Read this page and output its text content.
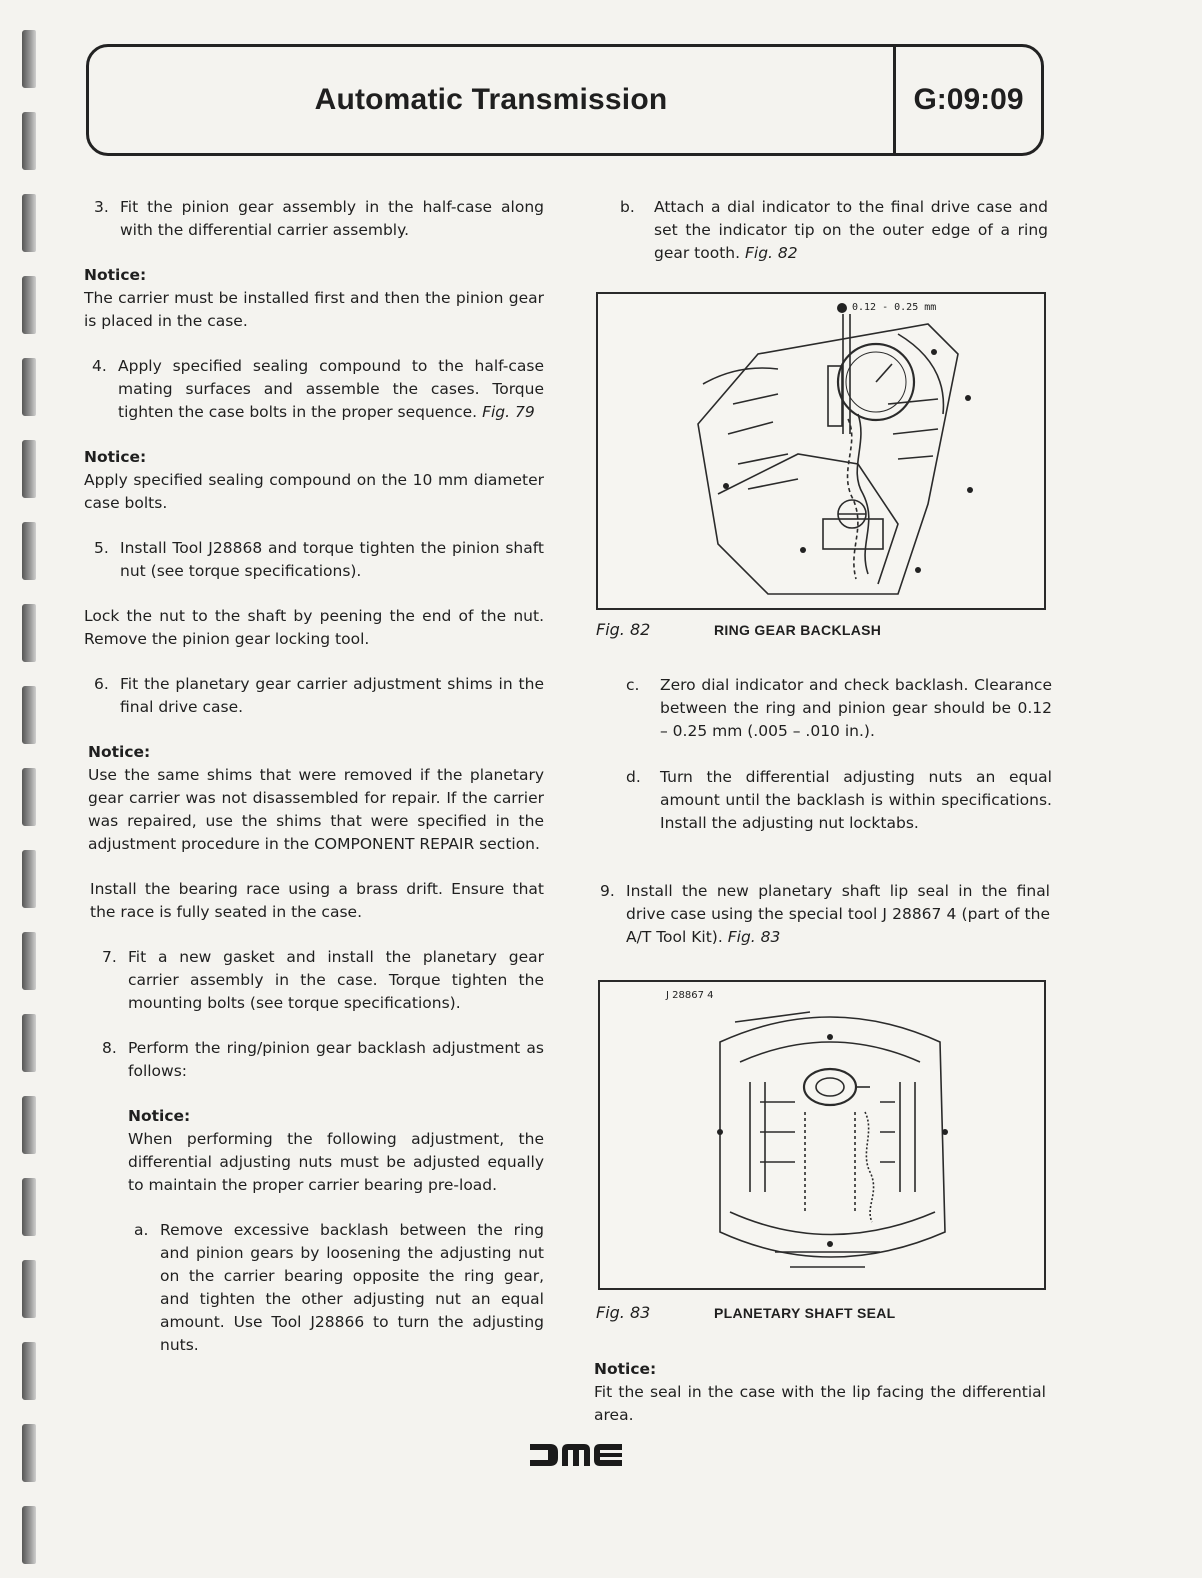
Automatic Transmission	G:09:09
3. Fit the pinion gear assembly in the half-case along with the differential carrier assembly.

Notice:

The carrier must be installed first and then the pinion gear is placed in the case.

4. Apply specified sealing compound to the half-case mating surfaces and assemble the cases. Torque tighten the case bolts in the proper sequence. Fig. 79

Notice:

Apply specified sealing compound on the 10 mm diameter case bolts.

5. Install Tool J28868 and torque tighten the pinion shaft nut (see torque specifications).

Lock the nut to the shaft by peening the end of the nut. Remove the pinion gear locking tool.

6. Fit the planetary gear carrier adjustment shims in the final drive case.

Notice:

Use the same shims that were removed if the planetary gear carrier was not disassembled for repair. If the carrier was repaired, use the shims that were specified in the adjustment procedure in the COMPONENT REPAIR section.

Install the bearing race using a brass drift. Ensure that the race is fully seated in the case.

7. Fit a new gasket and install the planetary gear carrier assembly in the case. Torque tighten the mounting bolts (see torque specifications).
8. Perform the ring/pinion gear backlash adjustment as follows:

Notice:

When performing the following adjustment, the differential adjusting nuts must be adjusted equally to maintain the proper carrier bearing pre-load.

a. Remove excessive backlash between the ring and pinion gears by loosening the adjusting nut on the carrier bearing opposite the ring gear, and tighten the other adjusting nut an equal amount. Use Tool J28866 to turn the adjusting nuts.
b.	Attach a dial indicator to the final drive case and set the indicator tip on the outer edge of a ring gear tooth. Fig. 82
0.12 - 0.25 mm
Fig. 82	RING GEAR BACKLASH
c.	Zero dial indicator and check backlash. Clearance between the ring and pinion gear should be 0.12 – 0.25 mm (.005 – .010 in.).
d.	Turn the differential adjusting nuts an equal amount until the backlash is within specifications. Install the adjusting nut locktabs.
9. Install the new planetary shaft lip seal in the final drive case using the special tool J 28867 4 (part of the A/T Tool Kit). Fig. 83
J 28867 4
Fig. 83	PLANETARY SHAFT SEAL

Notice:

Fit the seal in the case with the lip facing the differential area.
